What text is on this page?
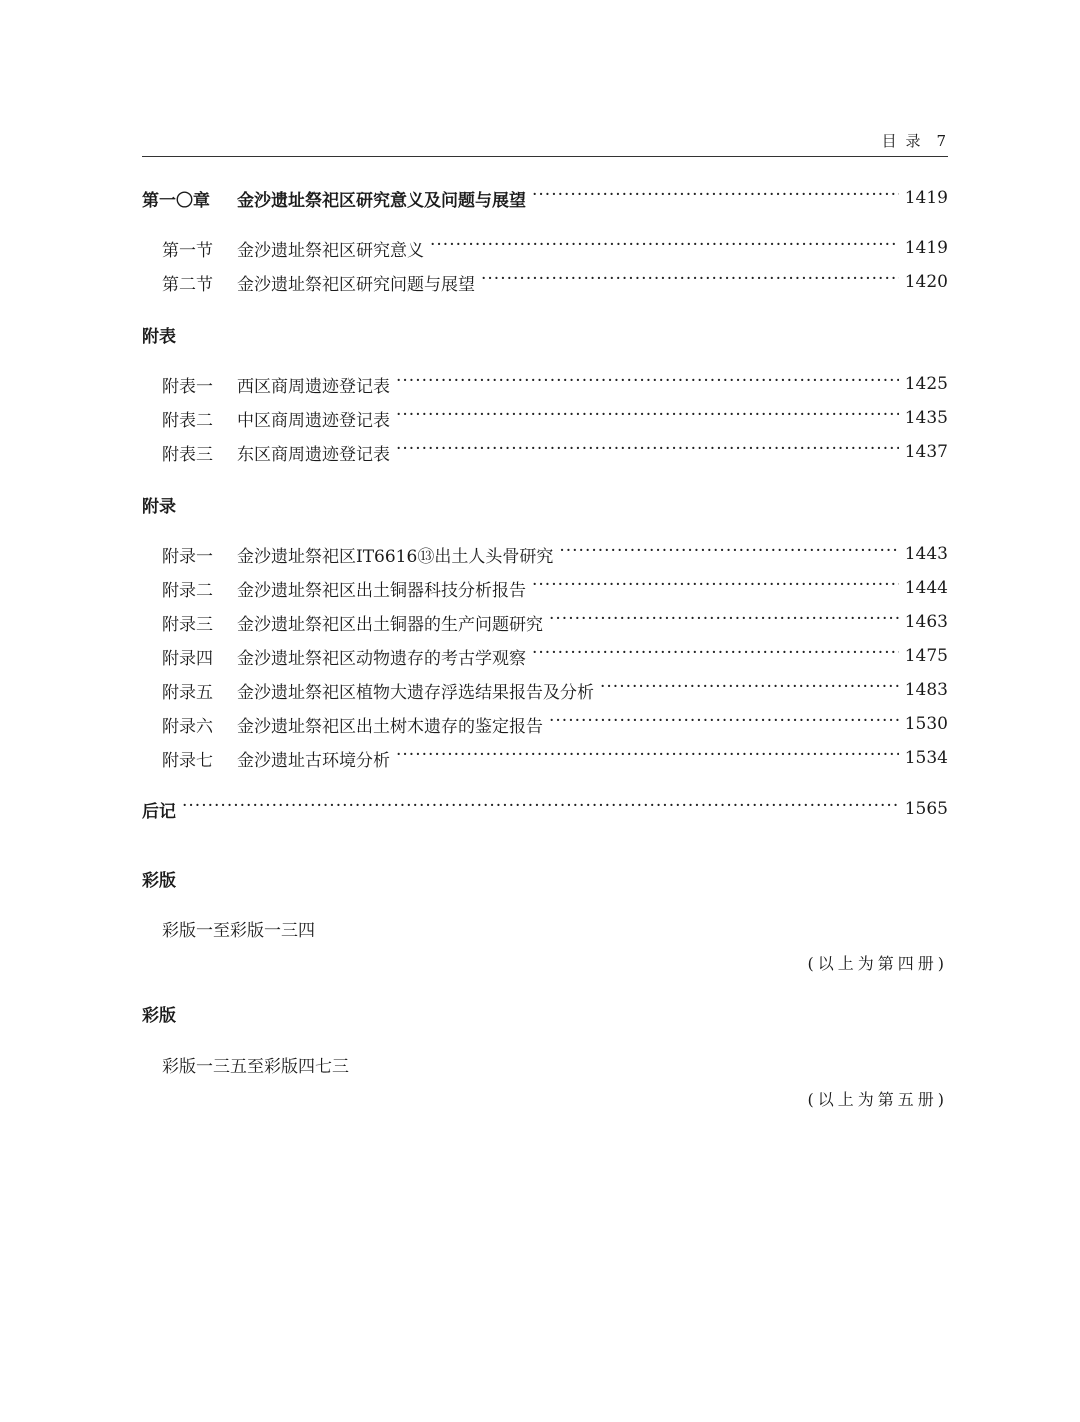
目 录 7
第一〇章	金沙遗址祭祀区研究意义及问题与展望 ·····	1419
第一节	金沙遗址祭祀区研究意义 ·····	1419
第二节	金沙遗址祭祀区研究问题与展望 ·····	1420
附表
附表一	西区商周遗迹登记表 ·····	1425
附表二	中区商周遗迹登记表 ·····	1435
附表三	东区商周遗迹登记表 ·····	1437
附录
附录一	金沙遗址祭祀区ⅠT6616⑬出土人头骨研究 ·····	1443
附录二	金沙遗址祭祀区出土铜器科技分析报告 ·····	1444
附录三	金沙遗址祭祀区出土铜器的生产问题研究 ·····	1463
附录四	金沙遗址祭祀区动物遗存的考古学观察 ·····	1475
附录五	金沙遗址祭祀区植物大遗存浮选结果报告及分析 ·····	1483
附录六	金沙遗址祭祀区出土树木遗存的鉴定报告 ·····	1530
附录七	金沙遗址古环境分析 ·····	1534
后记 ·····	1565
彩版
彩版一至彩版一三四
(以上为第四册)
彩版
彩版一三五至彩版四七三
(以上为第五册)
